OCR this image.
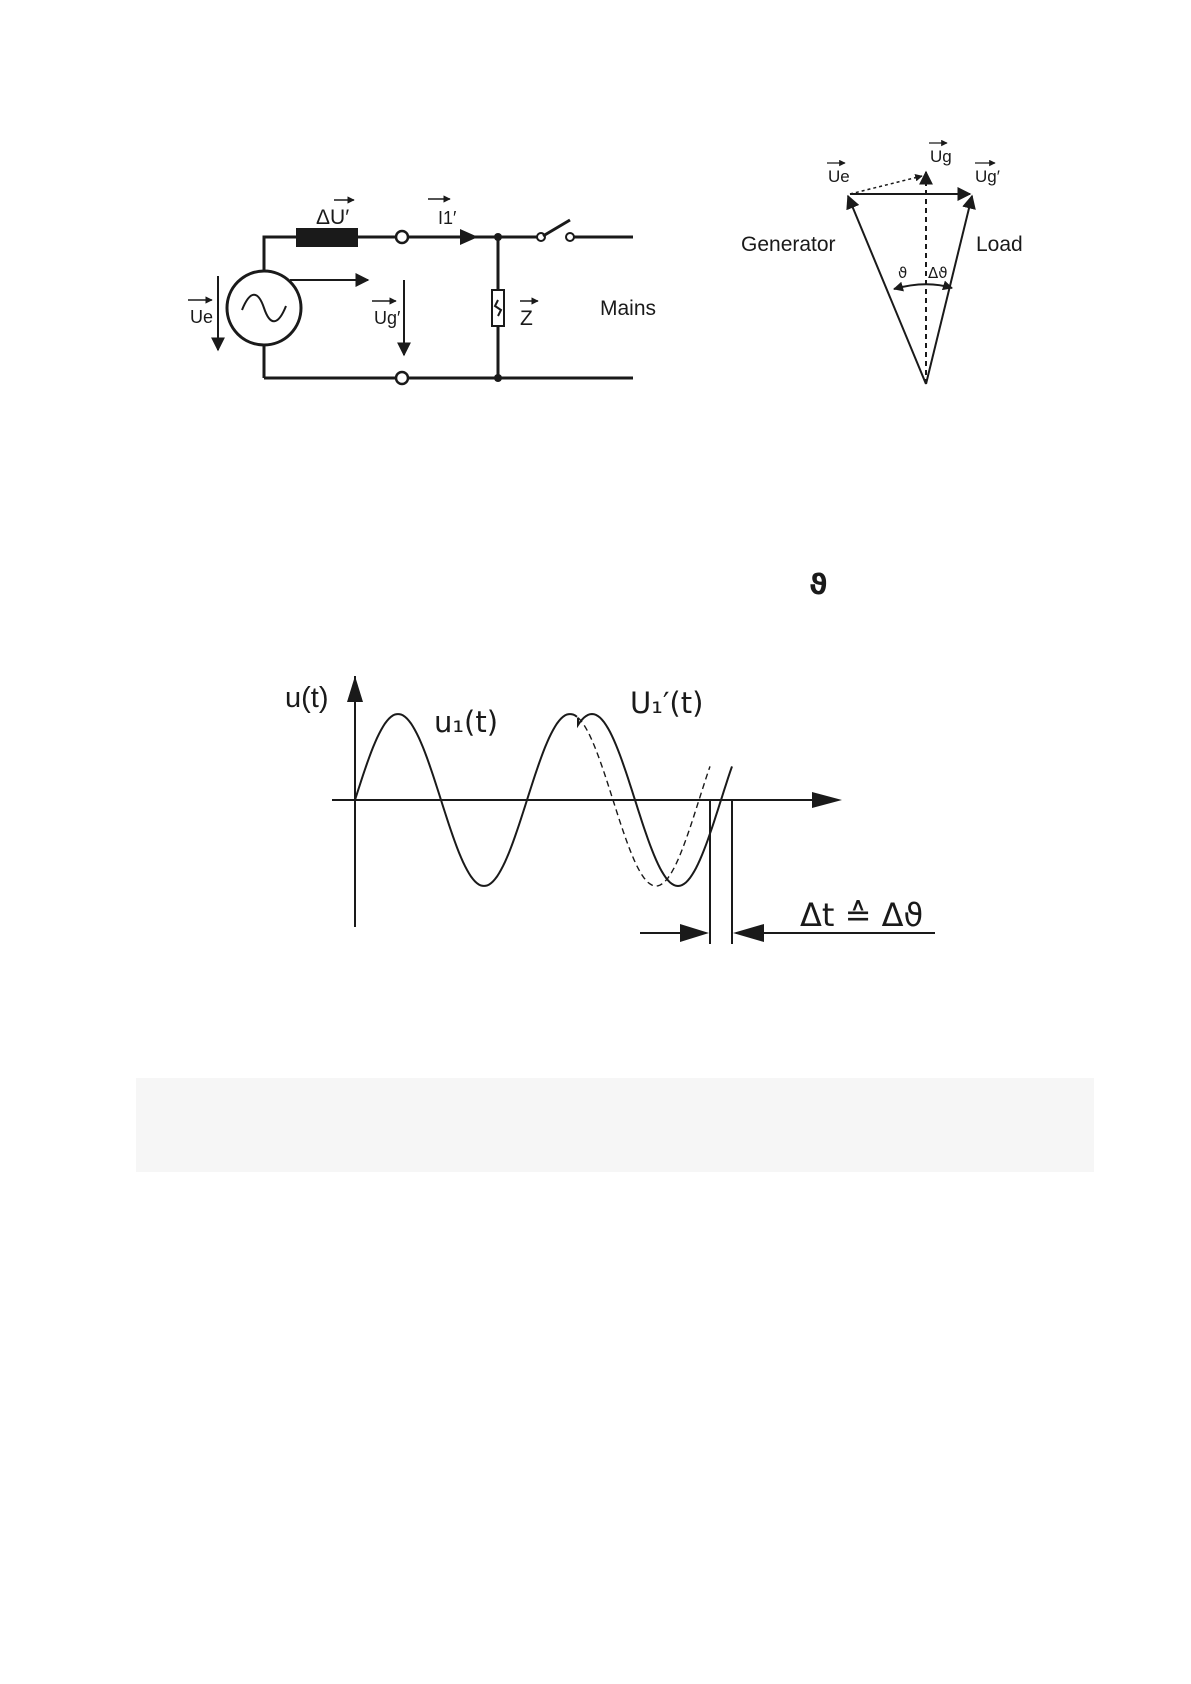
ΔU′	I1′
Ue	Ug′	Z	Mains
Ue
Ug
Ug′
Generator	Load
ϑ Δϑ
ϑ
u(t)
u₁(t)
U₁′(t)
Δt ≙ Δϑ
